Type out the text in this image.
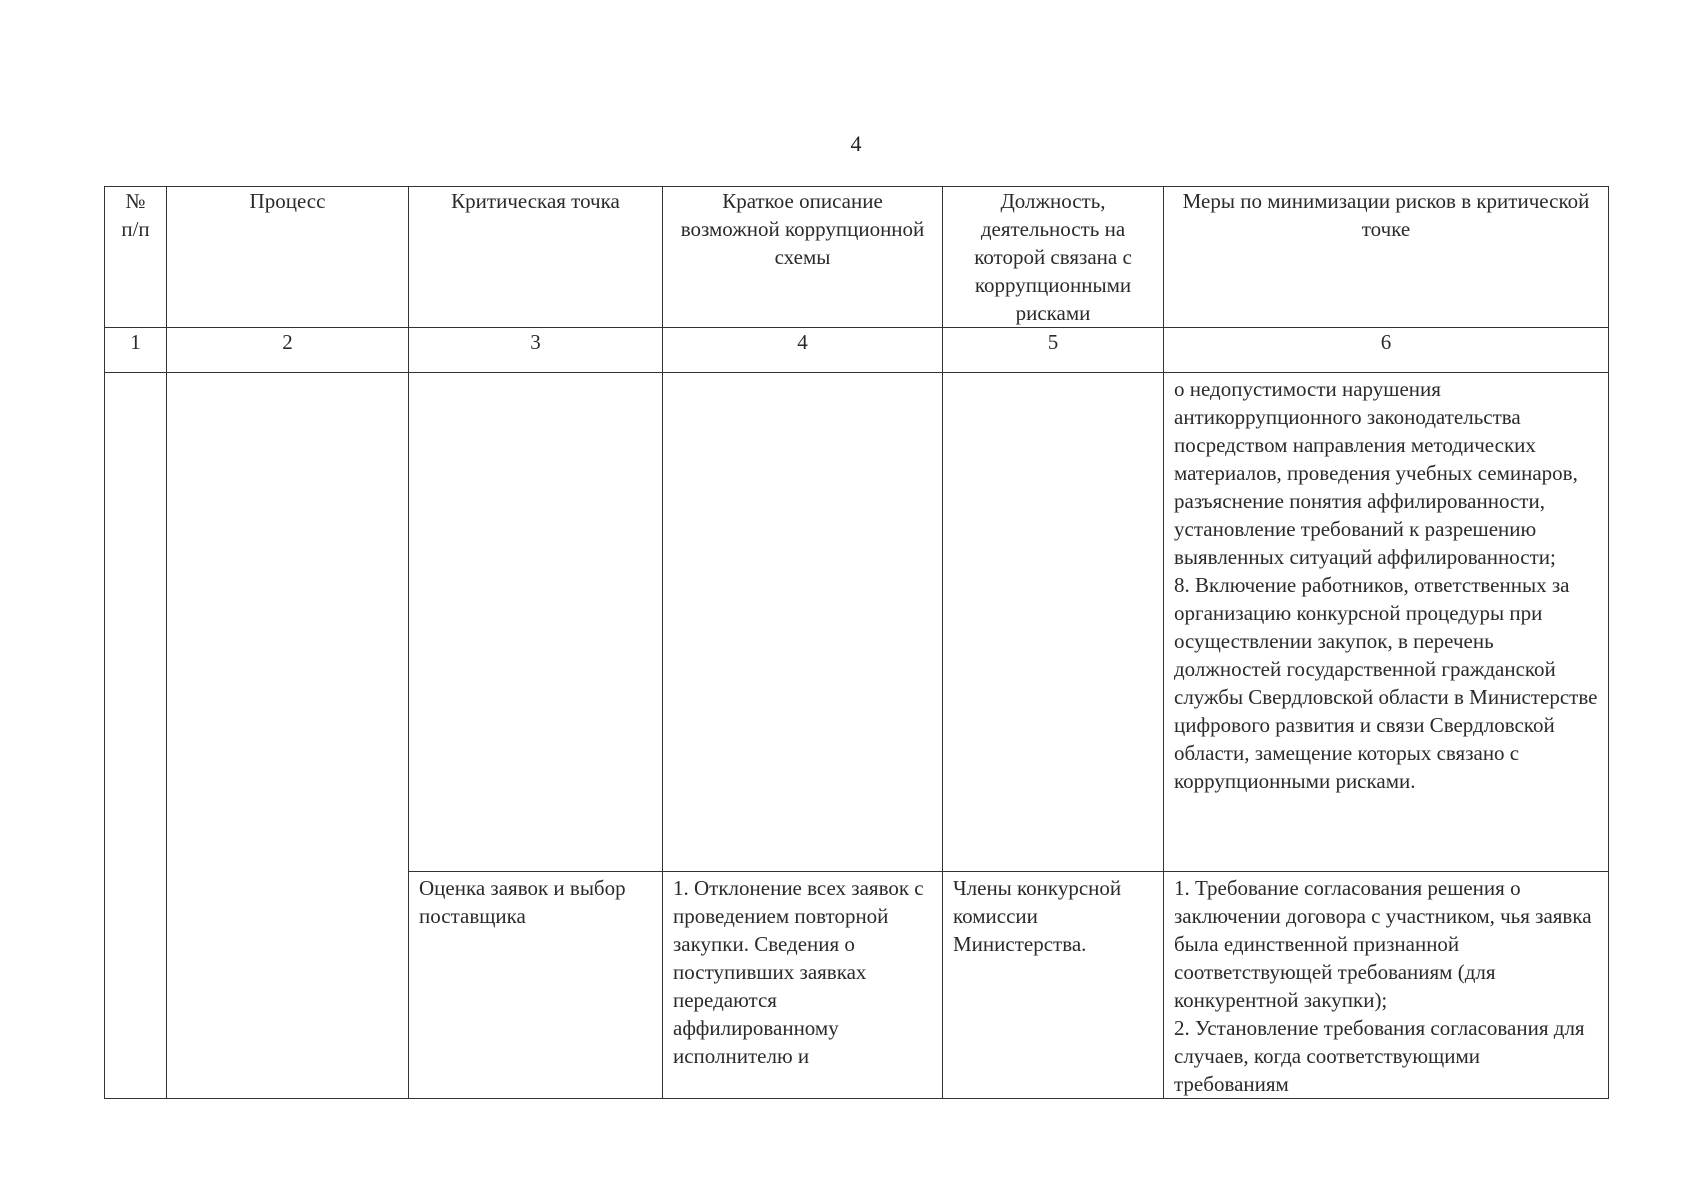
4
№
п/п	Процесс	Критическая точка	Краткое описание возможной коррупционной схемы	Должность, деятельность на которой связана с коррупционными рисками	Меры по минимизации рисков в критической точке

1	2	3	4	5	6

					о недопустимости нарушения антикоррупционного законодательства посредством направления методических материалов, проведения учебных семинаров, разъяснение понятия аффилированности, установление требований к разрешению выявленных ситуаций аффилированности;
8. Включение работников, ответственных за организацию конкурсной процедуры при осуществлении закупок, в перечень должностей государственной гражданской службы Свердловской области в Министерстве цифрового развития и связи Свердловской области, замещение которых связано с коррупционными рисками.

		Оценка заявок и выбор поставщика	1. Отклонение всех заявок с проведением повторной закупки. Сведения о поступивших заявках передаются аффилированному исполнителю и	Члены конкурсной комиссии Министерства.	1. Требование согласования решения о заключении договора с участником, чья заявка была единственной признанной соответствующей требованиям (для конкурентной закупки);
2. Установление требования согласования для случаев, когда соответствующими требованиям
